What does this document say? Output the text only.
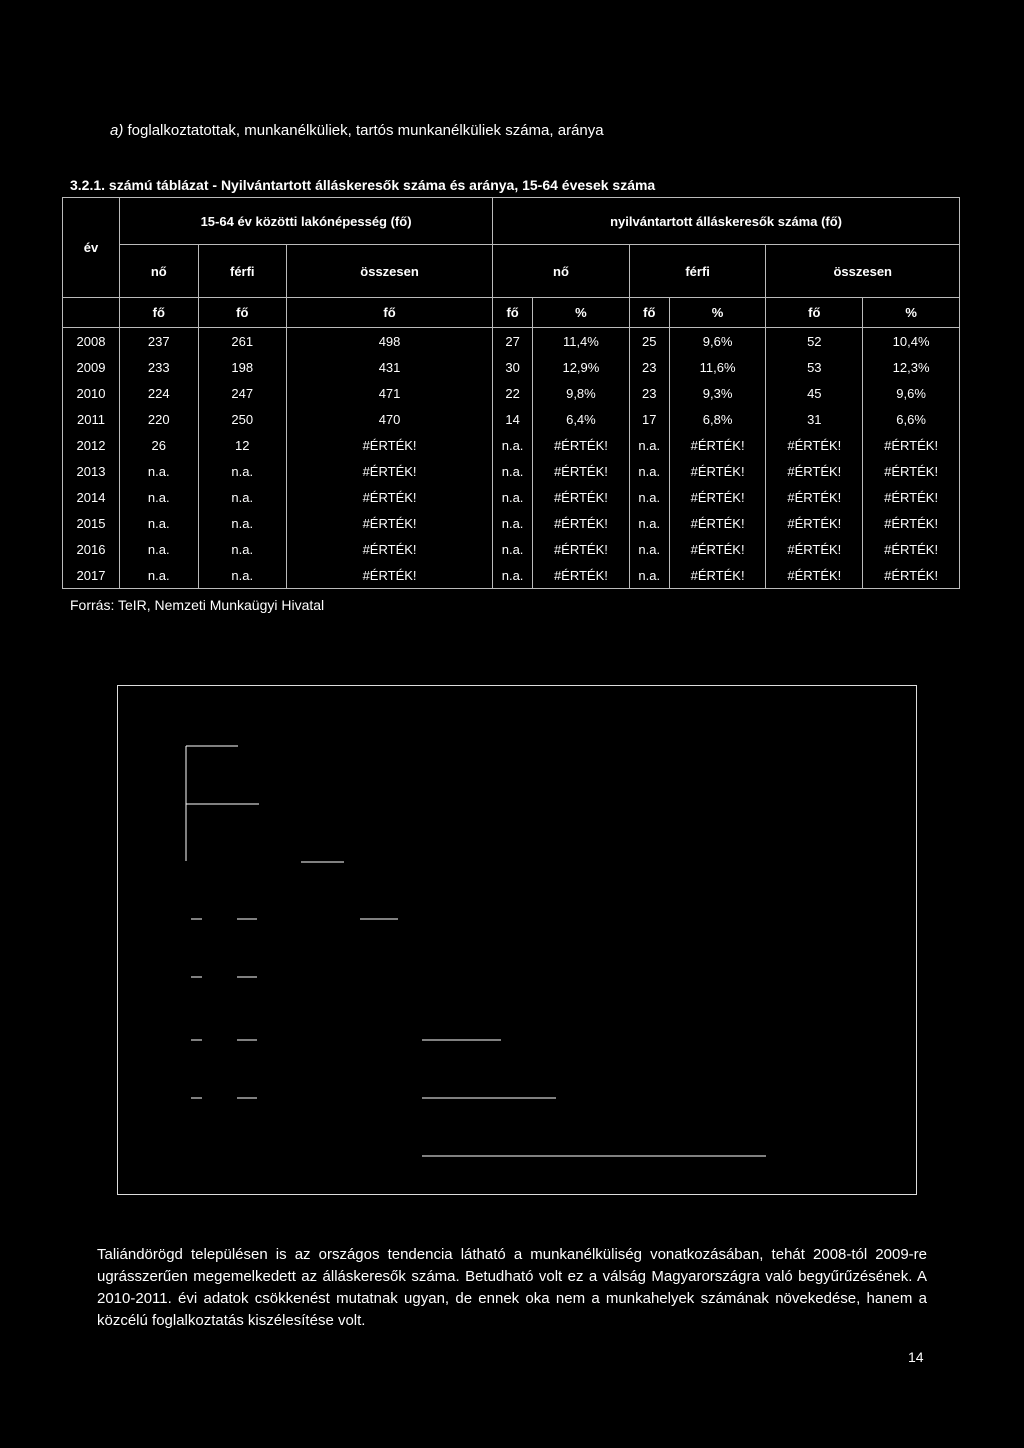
a) foglalkoztatottak, munkanélküliek, tartós munkanélküliek száma, aránya
3.2.1. számú táblázat - Nyilvántartott álláskeresők száma és aránya, 15-64 évesek száma
év	15-64 év közötti lakónépesség (fő)			nyilvántartott álláskeresők száma (fő)					
	nő	férfi	összesen	nő		férfi		összesen	
	fő	fő	fő	fő	%	fő	%	fő	%
2008	237	261	498	27	11,4%	25	9,6%	52	10,4%
2009	233	198	431	30	12,9%	23	11,6%	53	12,3%
2010	224	247	471	22	9,8%	23	9,3%	45	9,6%
2011	220	250	470	14	6,4%	17	6,8%	31	6,6%
2012	26	12	#ÉRTÉK!	n.a.	#ÉRTÉK!	n.a.	#ÉRTÉK!	#ÉRTÉK!	#ÉRTÉK!
2013	n.a.	n.a.	#ÉRTÉK!	n.a.	#ÉRTÉK!	n.a.	#ÉRTÉK!	#ÉRTÉK!	#ÉRTÉK!
2014	n.a.	n.a.	#ÉRTÉK!	n.a.	#ÉRTÉK!	n.a.	#ÉRTÉK!	#ÉRTÉK!	#ÉRTÉK!
2015	n.a.	n.a.	#ÉRTÉK!	n.a.	#ÉRTÉK!	n.a.	#ÉRTÉK!	#ÉRTÉK!	#ÉRTÉK!
2016	n.a.	n.a.	#ÉRTÉK!	n.a.	#ÉRTÉK!	n.a.	#ÉRTÉK!	#ÉRTÉK!	#ÉRTÉK!
2017	n.a.	n.a.	#ÉRTÉK!	n.a.	#ÉRTÉK!	n.a.	#ÉRTÉK!	#ÉRTÉK!	#ÉRTÉK!
Forrás: TeIR, Nemzeti Munkaügyi Hivatal
Taliándörögd településen is az országos tendencia látható a munkanélküliség vonatkozásában, tehát 2008-tól 2009-re ugrásszerűen megemelkedett az álláskeresők száma. Betudható volt ez a válság Magyarországra való begyűrűzésének. A 2010-2011. évi adatok csökkenést mutatnak ugyan, de ennek oka nem a munkahelyek számának növekedése, hanem a közcélú foglalkoztatás kiszélesítése volt.
14
